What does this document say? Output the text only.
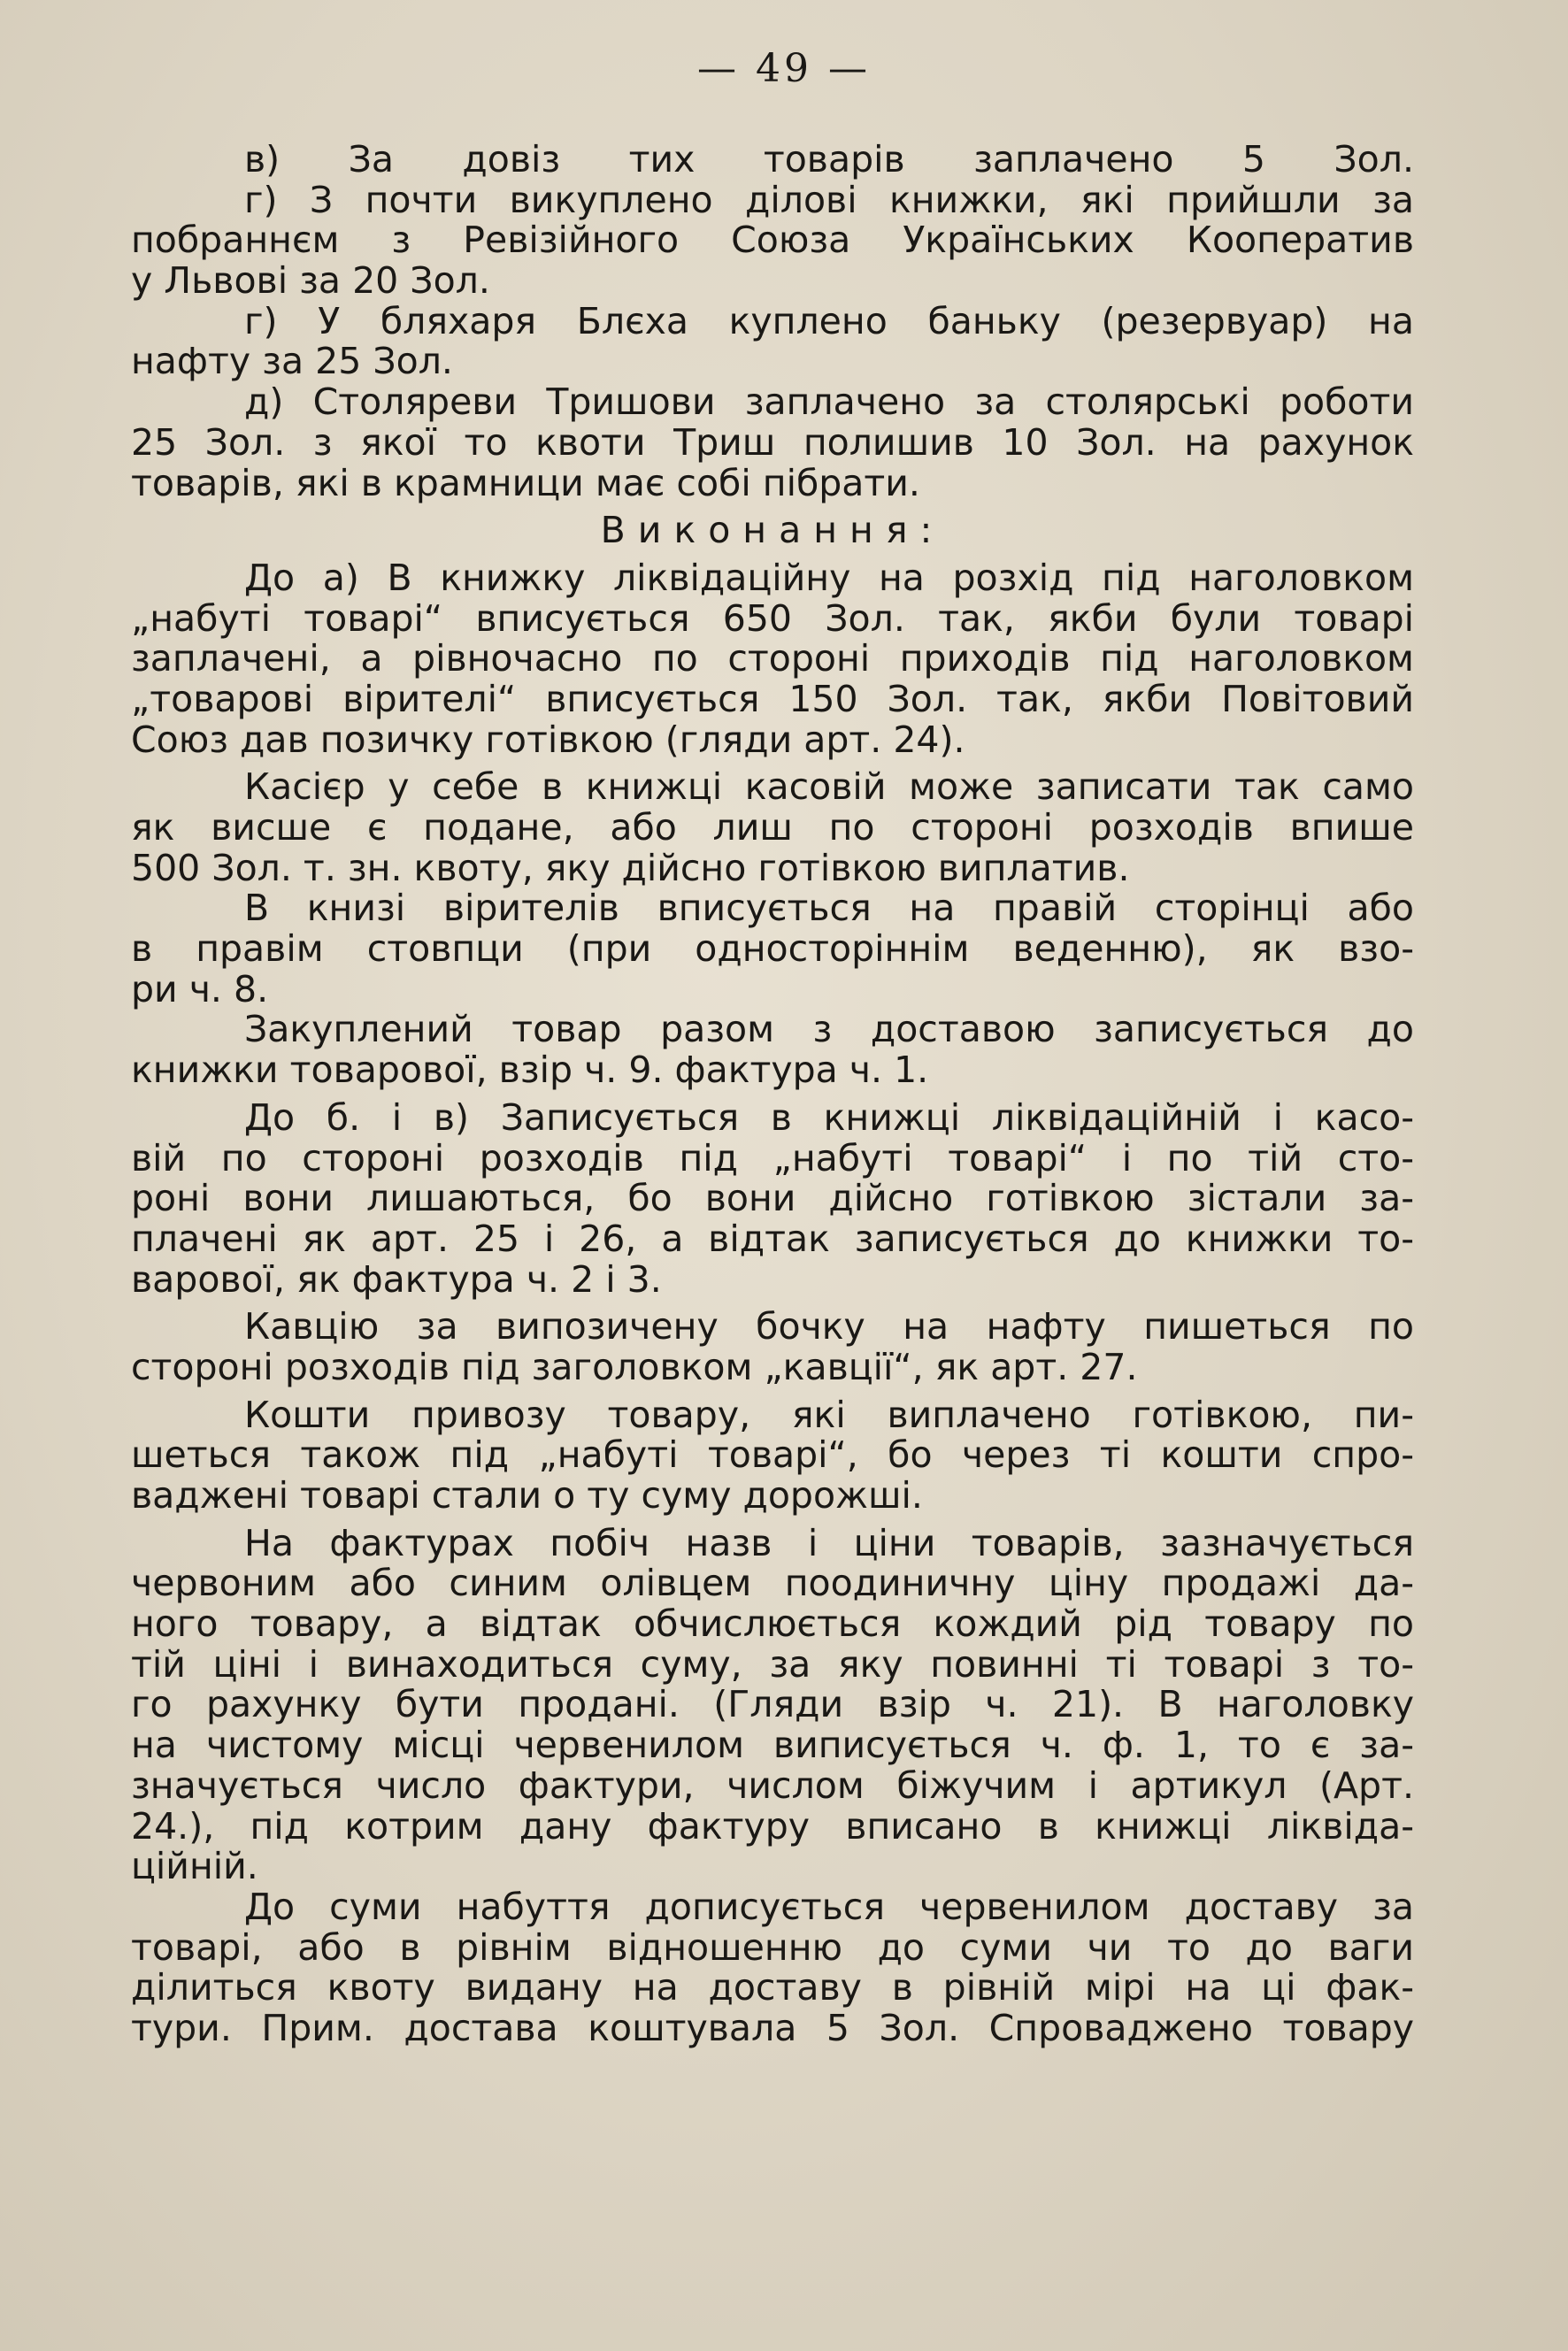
— 49 —
в) За довіз тих товарів заплачено 5 Зол.
г) З почти викуплено ділові книжки, які прийшли за
побраннєм з Ревізійного Союза Українських Кооператив
у Львові за 20 Зол.
г) У бляхаря Блєха куплено баньку (резервуар) на
нафту за 25 Зол.
д) Столяреви Тришови заплачено за столярські роботи
25 Зол. з якої то квоти Триш полишив 10 Зол. на рахунок
товарів, які в крамници має собі пібрати.
Виконання:
До а) В книжку ліквідаційну на розхід під наголовком
„набуті товарі“ вписується 650 Зол. так, якби були товарі
заплачені, а рівночасно по стороні приходів під наголовком
„товарові вірителі“ вписується 150 Зол. так, якби Повітовий
Союз дав позичку готівкою (гляди арт. 24).
Касієр у себе в книжці касовій може записати так само
як висше є подане, або лиш по стороні розходів впише
500 Зол. т. зн. квоту, яку дійсно готівкою виплатив.
В книзі вірителів вписується на правій сторінці або
в правім стовпци (при односторіннім веденню), як взо-
ри ч. 8.
Закуплений товар разом з доставою записується до
книжки товарової, взір ч. 9. фактура ч. 1.
До б. і в) Записується в книжці ліквідаційній і касо-
вій по стороні розходів під „набуті товарі“ і по тій сто-
роні вони лишаються, бо вони дійсно готівкою зістали за-
плачені як арт. 25 і 26, а відтак записується до книжки то-
варової, як фактура ч. 2 і 3.
Кавцію за випозичену бочку на нафту пишеться по
стороні розходів під заголовком „кавції“, як арт. 27.
Кошти привозу товару, які виплачено готівкою, пи-
шеться також під „набуті товарі“, бо через ті кошти спро-
ваджені товарі стали о ту суму дорожші.
На фактурах побіч назв і ціни товарів, зазначується
червоним або синим олівцем поодиничну ціну продажі да-
ного товару, а відтак обчислюється кождий рід товару по
тій ціні і винаходиться суму, за яку повинні ті товарі з то-
го рахунку бути продані. (Гляди взір ч. 21). В наголовку
на чистому місці червенилом виписується ч. ф. 1, то є за-
значується число фактури, числом біжучим і артикул (Арт.
24.), під котрим дану фактуру вписано в книжці ліквіда-
ційній.
До суми набуття дописується червенилом доставу за
товарі, або в рівнім відношенню до суми чи то до ваги
ділиться квоту видану на доставу в рівній мірі на ці фак-
тури. Прим. достава коштувала 5 Зол. Спроваджено товару
